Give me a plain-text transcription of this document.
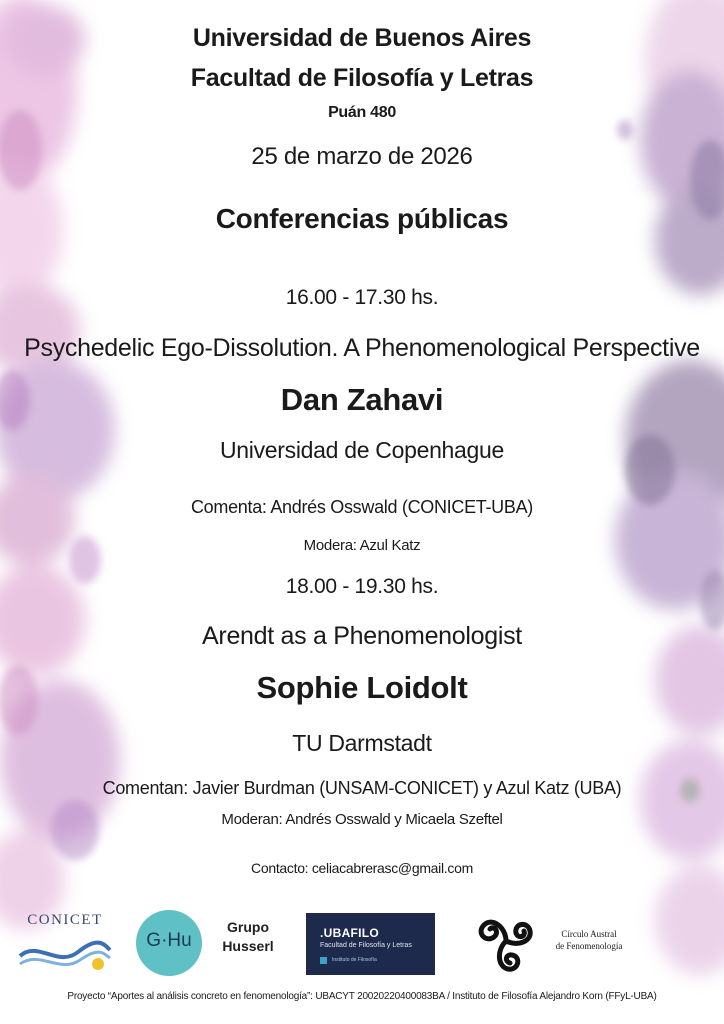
Universidad de Buenos Aires
Facultad de Filosofía y Letras
Puán 480
25 de marzo de 2026
Conferencias públicas
16.00 - 17.30 hs.
Psychedelic Ego-Dissolution. A Phenomenological Perspective
Dan Zahavi
Universidad de Copenhague
Comenta: Andrés Osswald (CONICET-UBA)
Modera: Azul Katz
18.00 - 19.30 hs.
Arendt as a Phenomenologist
Sophie Loidolt
TU Darmstadt
Comentan: Javier Burdman (UNSAM-CONICET) y Azul Katz (UBA)
Moderan: Andrés Osswald y Micaela Szeftel
Contacto: celiacabrerasc@gmail.com
CONICET
G·Hu
Grupo
Husserl
.UBAFILO
Facultad de Filosofía y Letras
Instituto de Filosofía
Círculo Austral
de Fenomenología
Proyecto “Aportes al análisis concreto en fenomenología”: UBACYT 20020220400083BA / Instituto de Filosofía Alejandro Korn (FFyL-UBA)
